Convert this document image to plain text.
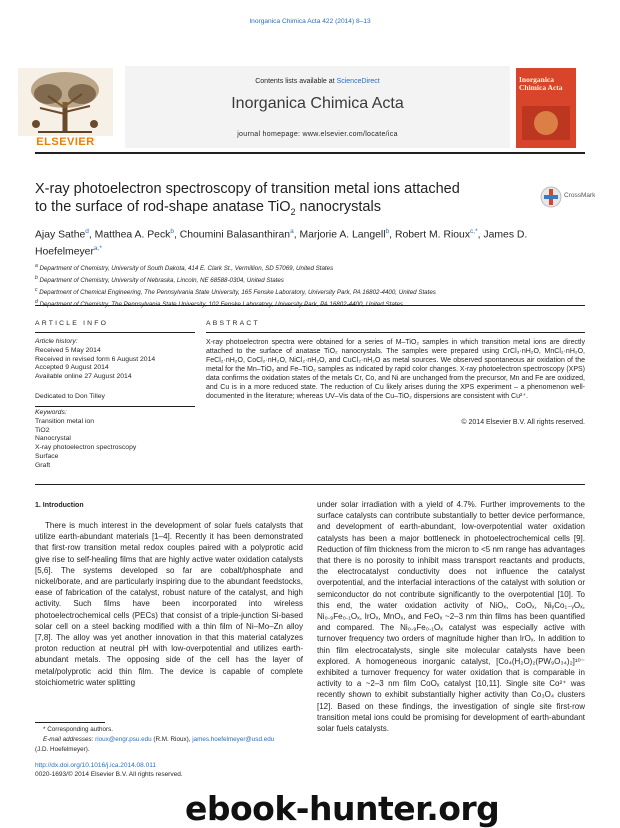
Inorganica Chimica Acta 422 (2014) 8–13
ELSEVIER
Contents lists available at ScienceDirect
Inorganica Chimica Acta
journal homepage: www.elsevier.com/locate/ica
Inorganica Chimica Acta
X-ray photoelectron spectroscopy of transition metal ions attached
to the surface of rod-shape anatase TiO$_2$ nanocrystals
CrossMark
Ajay Sathe$^d$, Matthea A. Peck$^b$, Choumini Balasanthiran$^a$, Marjorie A. Langell$^b$, Robert M. Rioux$^{c,*}$, James D. Hoefelmeyer$^{a,*}$
$^a$ Department of Chemistry, University of South Dakota, 414 E. Clark St., Vermillion, SD 57069, United States
$^b$ Department of Chemistry, University of Nebraska, Lincoln, NE 68588-0304, United States
$^c$ Department of Chemical Engineering, The Pennsylvania State University, 165 Fenske Laboratory, University Park, PA 16802-4400, United States
$^d$
ARTICLE INFO	ABSTRACT
Article history:
Received 5 May 2014
Received in revised form 6 August 2014
Accepted 9 August 2014
Available online 27 August 2014
Dedicated to Don Tilley
Keywords:
Transition metal ion
TiO2
Nanocrystal
X-ray photoelectron spectroscopy
Surface
Graft
X-ray photoelectron spectra were obtained for a series of M–TiO₂ samples in which transition metal ions are directly attached to the surface of anatase TiO₂ nanocrystals. The samples were prepared using CrCl₃·nH₂O, MnCl₂·nH₂O, FeCl₂·nH₂O, CoCl₂·nH₂O, NiCl₂·nH₂O, and CuCl₂·nH₂O as metal sources. We observed spontaneous air oxidation of the metal for the Mn–TiO₂ and Fe–TiO₂ samples as indicated by rapid color changes. X-ray photoelectron spectroscopy (XPS) data confirms the oxidation states of the metals Cr, Co, and Ni are unchanged from the precursor, Mn and Fe are oxidized, and Cu is in a more reduced state. The reduction of Cu likely arises during the XPS experiment – a phenomenon well-documented in the literature; whereas UV–Vis data of the Cu–TiO₂ dispersions are consistent with Cu²⁺.
© 2014 Elsevier B.V. All rights reserved.
1. Introduction

There is much interest in the development of solar fuels catalysts that utilize earth-abundant materials [1–4]. Recently it has been demonstrated that first-row transition metal redox couples paired with a polyprotic acid give rise to self-healing films that are highly active water oxidation catalysts [5,6]. The systems developed so far are cobalt/phosphate and nickel/borate, and are particularly inspiring due to the abundant feedstocks, ease of fabrication of the catalyst, robust nature of the catalyst, and high activity. Such films have been incorporated into wireless photoelectrochemical cells (PECs) that consist of a triple-junction Si-based solar cell on a steel backing modified with a thin film of Ni–Mo–Zn alloy [7,8]. The alloy was yet another innovation in that this material catalyzes proton reduction at neutral pH with low-overpotential and utilizes earth-abundant metals. The opposing side of the cell has the layer of metal/polyprotic acid thin film. The device is capable of complete stoichiometric water splitting

under solar irradiation with a yield of 4.7%. Further improvements to the surface catalysts can contribute substantially to better device performance, and development of earth-abundant, low-overpotential water oxidation catalysts has been a major bottleneck in photoelectrochemical cells [9]. Reduction of film thickness from the micron to <5 nm range has advantages that there is no porosity to inhibit mass transport reactants and products, the electrocatalyst conductivity does not influence the catalyst overpotential, and the interfacial interactions of the catalyst with solution or semiconductor do not contribute significantly to the overpotential [10]. To this end, the water oxidation activity of NiOₓ, CoOₓ, NiᵧCo₁₋ᵧOₓ, Ni₀.₉Fe₀.₁Oₓ, IrOₓ, MnOₓ, and FeOₓ ~2–3 nm thin films has been quantified and compared. The Ni₀.₉Fe₀.₁Oₓ catalyst was especially active with turnover frequency two orders of magnitude higher than IrOₓ. In addition to thin film electrocatalysts, single site molecular catalysts have been explored. A homogeneous inorganic catalyst, [Co₄(H₂O)₂(PW₉O₃₄)₂]¹⁰⁻ exhibited a turnover frequency for water oxidation that is comparable in activity to a ~2–3 nm film CoOₓ catalyst [10,11]. Single site Co²⁺ was recently shown to exhibit substantially higher activity than Co₃O₄ clusters [12]. Based on these findings, the investigation of single site first-row transition metal ions could be promising for development of earth-abundant solar fuels catalysts.

* Corresponding authors.
E-mail addresses: rioux@engr.psu.edu (R.M. Rioux), james.hoefelmeyer@usd.edu
(J.D. Hoefelmeyer).
http://dx.doi.org/10.1016/j.ica.2014.08.011
0020-1693/© 2014 Elsevier B.V. All rights reserved.
ebook-hunter.org
